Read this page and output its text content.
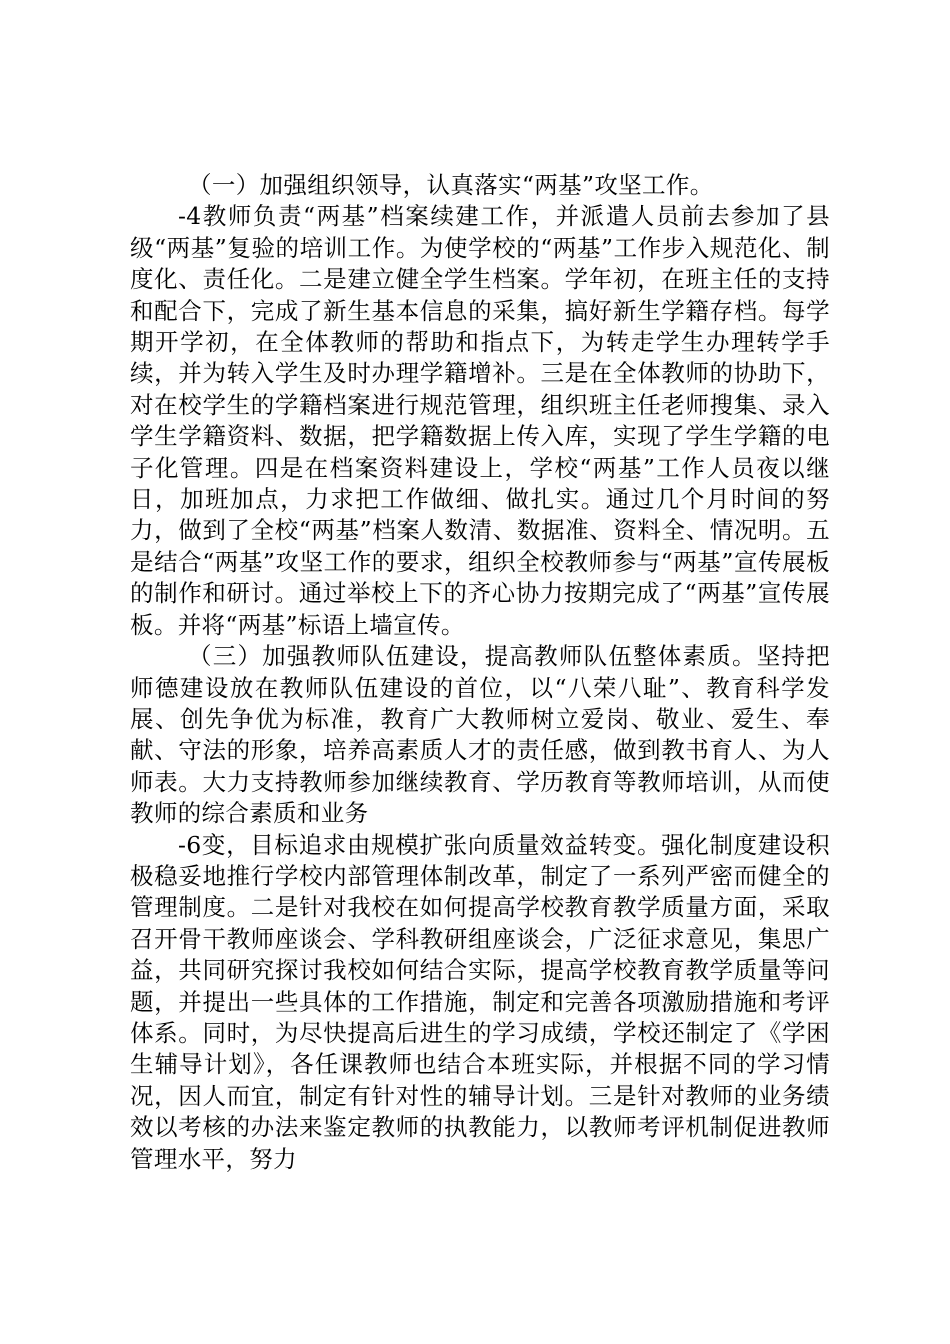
（一）加强组织领导，认真落实“两基”攻坚工作。

-4教师负责“两基”档案续建工作，并派遣人员前去参加了县级“两基”复验的培训工作。为使学校的“两基”工作步入规范化、制度化、责任化。二是建立健全学生档案。学年初，在班主任的支持和配合下，完成了新生基本信息的采集，搞好新生学籍存档。每学期开学初，在全体教师的帮助和指点下，为转走学生办理转学手续，并为转入学生及时办理学籍增补。三是在全体教师的协助下，对在校学生的学籍档案进行规范管理，组织班主任老师搜集、录入学生学籍资料、数据，把学籍数据上传入库，实现了学生学籍的电子化管理。四是在档案资料建设上，学校“两基”工作人员夜以继日，加班加点，力求把工作做细、做扎实。通过几个月时间的努力，做到了全校“两基”档案人数清、数据准、资料全、情况明。五是结合“两基”攻坚工作的要求，组织全校教师参与“两基”宣传展板的制作和研讨。通过举校上下的齐心协力按期完成了“两基”宣传展板。并将“两基”标语上墙宣传。

（三）加强教师队伍建设，提高教师队伍整体素质。坚持把师德建设放在教师队伍建设的首位，以“八荣八耻”、教育科学发展、创先争优为标准，教育广大教师树立爱岗、敬业、爱生、奉献、守法的形象，培养高素质人才的责任感，做到教书育人、为人师表。大力支持教师参加继续教育、学历教育等教师培训，从而使教师的综合素质和业务

-6变，目标追求由规模扩张向质量效益转变。强化制度建设积极稳妥地推行学校内部管理体制改革，制定了一系列严密而健全的管理制度。二是针对我校在如何提高学校教育教学质量方面，采取召开骨干教师座谈会、学科教研组座谈会，广泛征求意见，集思广益，共同研究探讨我校如何结合实际，提高学校教育教学质量等问题，并提出一些具体的工作措施，制定和完善各项激励措施和考评体系。同时，为尽快提高后进生的学习成绩，学校还制定了《学困生辅导计划》，各任课教师也结合本班实际，并根据不同的学习情况，因人而宜，制定有针对性的辅导计划。三是针对教师的业务绩效以考核的办法来鉴定教师的执教能力，以教师考评机制促进教师管理水平，努力
